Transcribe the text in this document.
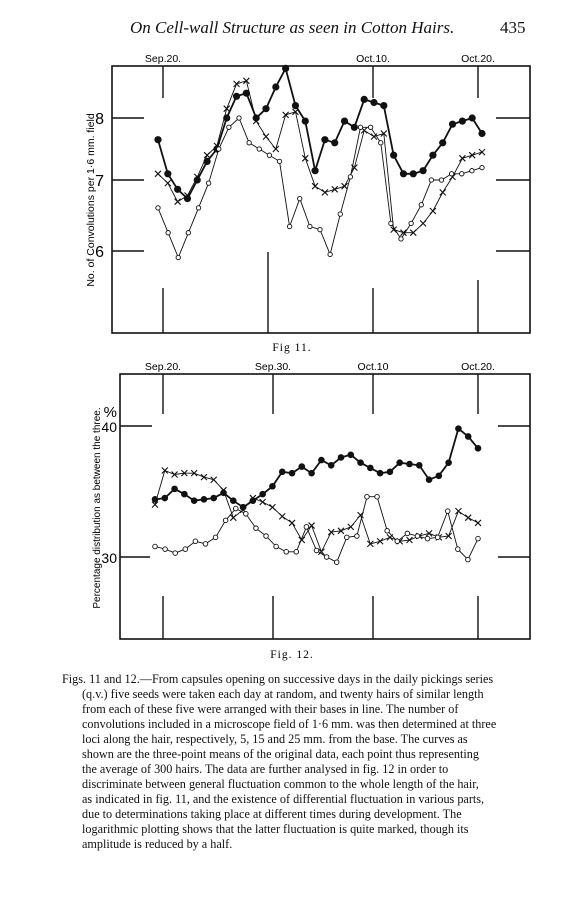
On Cell-wall Structure as seen in Cotton Hairs.	435
Sep.20.	Oct.10.	Oct.20.
8
7
6
No. of Convolutions per 1·6 mm. field
Fig 11.
Sep.20.	Sep.30.	Oct.10	Oct.20.
%
40
30
Percentage distribution as between the three.
Fig. 12.
Figs. 11 and 12.—From capsules opening on successive days in the daily pickings series
(q.v.) five seeds were taken each day at random, and twenty hairs of similar length
from each of these five were arranged with their bases in line. The number of
convolutions included in a microscope field of 1·6 mm. was then determined at three
loci along the hair, respectively, 5, 15 and 25 mm. from the base. The curves as
shown are the three-point means of the original data, each point thus representing
the average of 300 hairs. The data are further analysed in fig. 12 in order to
discriminate between general fluctuation common to the whole length of the hair,
as indicated in fig. 11, and the existence of differential fluctuation in various parts,
due to determinations taking place at different times during development. The
logarithmic plotting shows that the latter fluctuation is quite marked, though its
amplitude is reduced by a half.
